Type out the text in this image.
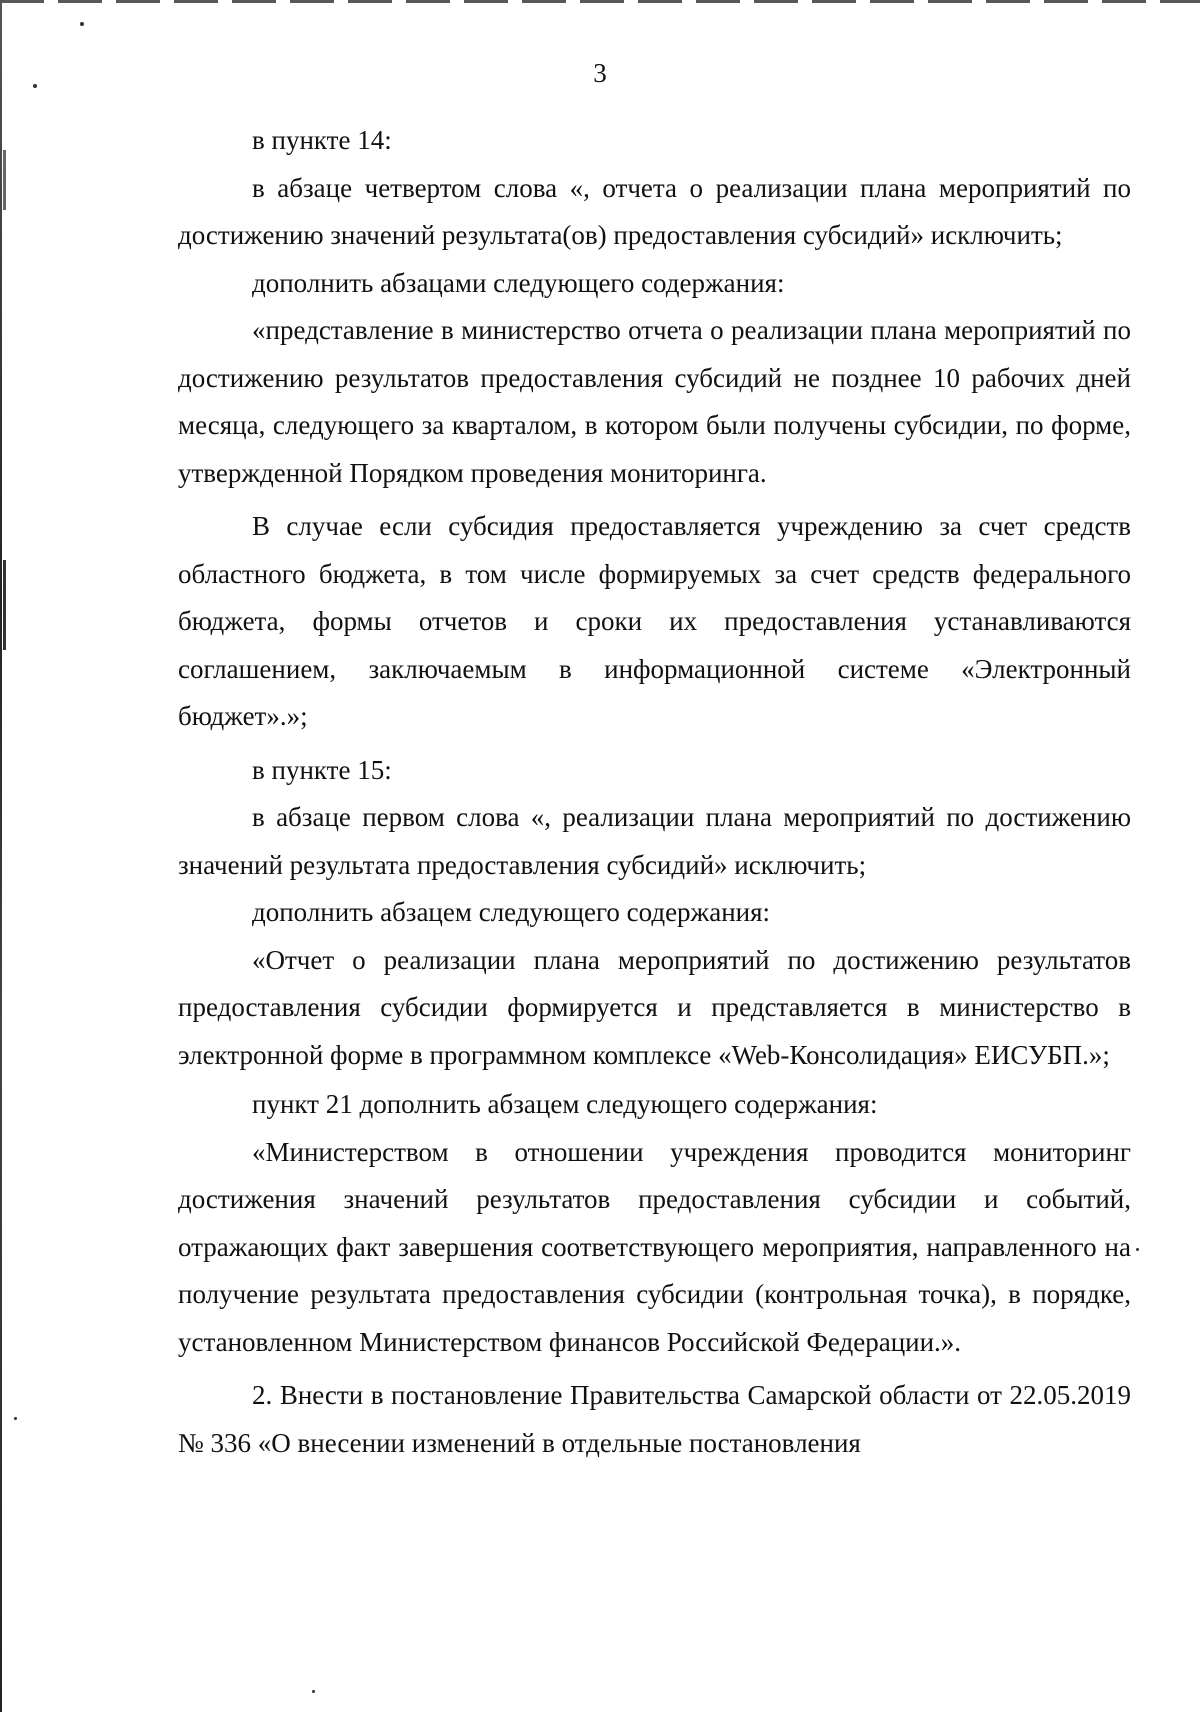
3

в пункте 14:

в абзаце четвертом слова «, отчета о реализации плана мероприятий по достижению значений результата(ов) предоставления субсидий» исключить;

дополнить абзацами следующего содержания:

«представление в министерство отчета о реализации плана мероприятий по достижению результатов предоставления субсидий не позднее 10 рабочих дней месяца, следующего за кварталом, в котором были получены субсидии, по форме, утвержденной Порядком проведения мониторинга.

В случае если субсидия предоставляется учреждению за счет средств областного бюджета, в том числе формируемых за счет средств федерального бюджета, формы отчетов и сроки их предоставления устанавливаются соглашением, заключаемым в информационной системе «Электронный бюджет».»;

в пункте 15:

в абзаце первом слова «, реализации плана мероприятий по достижению значений результата предоставления субсидий» исключить;

дополнить абзацем следующего содержания:

«Отчет о реализации плана мероприятий по достижению результатов предоставления субсидии формируется и представляется в министерство в электронной форме в программном комплексе «Web-Консолидация» ЕИСУБП.»;

пункт 21 дополнить абзацем следующего содержания:

«Министерством в отношении учреждения проводится мониторинг достижения значений результатов предоставления субсидии и событий, отражающих факт завершения соответствующего мероприятия, направленного на получение результата предоставления субсидии (контрольная точка), в порядке, установленном Министерством финансов Российской Федерации.».

2. Внести в постановление Правительства Самарской области от 22.05.2019 № 336 «О внесении изменений в отдельные постановления
